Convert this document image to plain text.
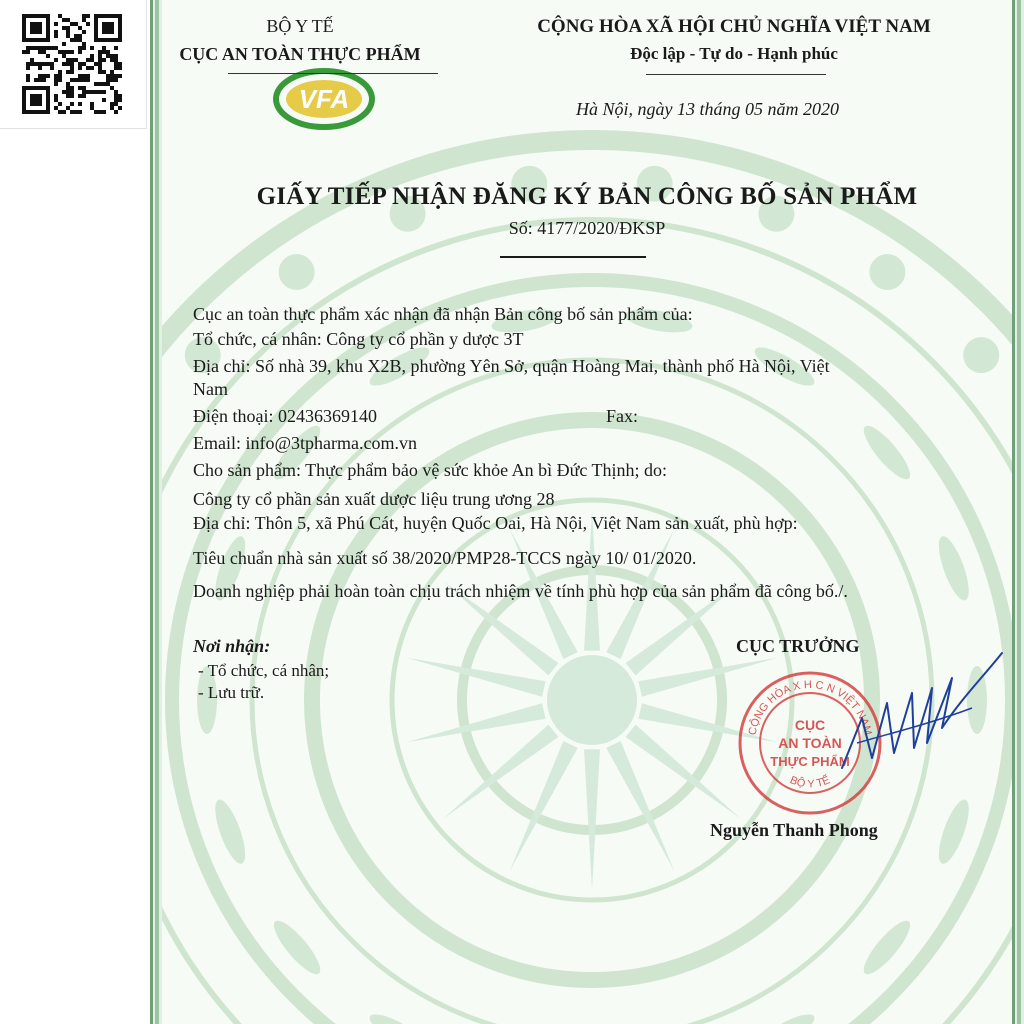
VFA
BỘ Y TẾ
CỤC AN TOÀN THỰC PHẨM
CỘNG HÒA XÃ HỘI CHỦ NGHĨA VIỆT NAM
Độc lập - Tự do - Hạnh phúc
Hà Nội, ngày 13 tháng 05 năm 2020
GIẤY TIẾP NHẬN ĐĂNG KÝ BẢN CÔNG BỐ SẢN PHẨM
Số: 4177/2020/ĐKSP
Cục an toàn thực phẩm xác nhận đã nhận Bản công bố sản phẩm của:
Tổ chức, cá nhân: Công ty cổ phần y dược 3T
Địa chỉ: Số nhà 39, khu X2B, phường Yên Sở, quận Hoàng Mai, thành phố Hà Nội, Việt
Nam
Điện thoại: 02436369140	Fax:
Email: info@3tpharma.com.vn
Cho sản phẩm: Thực phẩm bảo vệ sức khỏe An bì Đức Thịnh; do:
Công ty cổ phần sản xuất dược liệu trung ương 28
Địa chỉ: Thôn 5, xã Phú Cát, huyện Quốc Oai, Hà Nội, Việt Nam sản xuất, phù hợp:
Tiêu chuẩn nhà sản xuất số 38/2020/PMP28-TCCS ngày 10/ 01/2020.
Doanh nghiệp phải hoàn toàn chịu trách nhiệm về tính phù hợp của sản phẩm đã công bố./.
Nơi nhận:
- Tổ chức, cá nhân;
- Lưu trữ.
CỤC TRƯỞNG
CỘNG HÒA X H C N VIỆT NAM
BỘ Y TẾ
CỤC
AN TOÀN
THỰC PHẨM
Nguyễn Thanh Phong
